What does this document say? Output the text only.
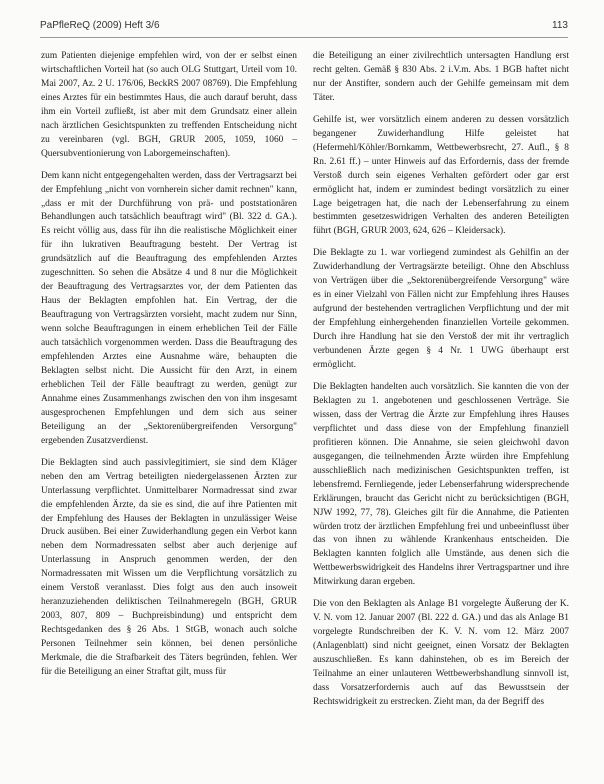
PaPfleReQ (2009) Heft 3/6	113

zum Patienten diejenige empfehlen wird, von der er selbst einen wirtschaftlichen Vorteil hat (so auch OLG Stuttgart, Urteil vom 10. Mai 2007, Az. 2 U. 176/06, BeckRS 2007 08769). Die Empfehlung eines Arztes für ein bestimmtes Haus, die auch darauf beruht, dass ihm ein Vorteil zufließt, ist aber mit dem Grundsatz einer allein nach ärztlichen Gesichtspunkten zu treffenden Entscheidung nicht zu vereinbaren (vgl. BGH, GRUR 2005, 1059, 1060 – Quersubventionierung von Laborgemeinschaften).

Dem kann nicht entgegengehalten werden, dass der Vertragsarzt bei der Empfehlung „nicht von vornherein sicher damit rechnen" kann, „dass er mit der Durchführung von prä- und poststationären Behandlungen auch tatsächlich beauftragt wird" (Bl. 322 d. GA.). Es reicht völlig aus, dass für ihn die realistische Möglichkeit einer für ihn lukrativen Beauftragung besteht. Der Vertrag ist grundsätzlich auf die Beauftragung des empfehlenden Arztes zugeschnitten. So sehen die Absätze 4 und 8 nur die Möglichkeit der Beauftragung des Vertragsarztes vor, der dem Patienten das Haus der Beklagten empfohlen hat. Ein Vertrag, der die Beauftragung von Vertragsärzten vorsieht, macht zudem nur Sinn, wenn solche Beauftragungen in einem erheblichen Teil der Fälle auch tatsächlich vorgenommen werden. Dass die Beauftragung des empfehlenden Arztes eine Ausnahme wäre, behaupten die Beklagten selbst nicht. Die Aussicht für den Arzt, in einem erheblichen Teil der Fälle beauftragt zu werden, genügt zur Annahme eines Zusammenhangs zwischen den von ihm insgesamt ausgesprochenen Empfehlungen und dem sich aus seiner Beteiligung an der „Sektorenübergreifenden Versorgung" ergebenden Zusatzverdienst.

Die Beklagten sind auch passivlegitimiert, sie sind dem Kläger neben den am Vertrag beteiligten niedergelassenen Ärzten zur Unterlassung verpflichtet. Unmittelbarer Normadressat sind zwar die empfehlenden Ärzte, da sie es sind, die auf ihre Patienten mit der Empfehlung des Hauses der Beklagten in unzulässiger Weise Druck ausüben. Bei einer Zuwiderhandlung gegen ein Verbot kann neben dem Normadressaten selbst aber auch derjenige auf Unterlassung in Anspruch genommen werden, der den Normadressaten mit Wissen um die Verpflichtung vorsätzlich zu einem Verstoß veranlasst. Dies folgt aus den auch insoweit heranzuziehenden deliktischen Teilnahmeregeln (BGH, GRUR 2003, 807, 809 – Buchpreisbindung) und entspricht dem Rechtsgedanken des § 26 Abs. 1 StGB, wonach auch solche Personen Teilnehmer sein können, bei denen persönliche Merkmale, die die Strafbarkeit des Täters begründen, fehlen. Wer für die Beteiligung an einer Straftat gilt, muss für

die Beteiligung an einer zivilrechtlich untersagten Handlung erst recht gelten. Gemäß § 830 Abs. 2 i.V.m. Abs. 1 BGB haftet nicht nur der Anstifter, sondern auch der Gehilfe gemeinsam mit dem Täter.

Gehilfe ist, wer vorsätzlich einem anderen zu dessen vorsätzlich begangener Zuwiderhandlung Hilfe geleistet hat (Hefermehl/Köhler/Bornkamm, Wettbewerbsrecht, 27. Aufl., § 8 Rn. 2.61 ff.) – unter Hinweis auf das Erfordernis, dass der fremde Verstoß durch sein eigenes Verhalten gefördert oder gar erst ermöglicht hat, indem er zumindest bedingt vorsätzlich zu einer Lage beigetragen hat, die nach der Lebenserfahrung zu einem bestimmten gesetzeswidrigen Verhalten des anderen Beteiligten führt (BGH, GRUR 2003, 624, 626 – Kleidersack).

Die Beklagte zu 1. war vorliegend zumindest als Gehilfin an der Zuwiderhandlung der Vertragsärzte beteiligt. Ohne den Abschluss von Verträgen über die „Sektorenübergreifende Versorgung" wäre es in einer Vielzahl von Fällen nicht zur Empfehlung ihres Hauses aufgrund der bestehenden vertraglichen Verpflichtung und der mit der Empfehlung einhergehenden finanziellen Vorteile gekommen. Durch ihre Handlung hat sie den Verstoß der mit ihr vertraglich verbundenen Ärzte gegen § 4 Nr. 1 UWG überhaupt erst ermöglicht.

Die Beklagten handelten auch vorsätzlich. Sie kannten die von der Beklagten zu 1. angebotenen und geschlossenen Verträge. Sie wissen, dass der Vertrag die Ärzte zur Empfehlung ihres Hauses verpflichtet und dass diese von der Empfehlung finanziell profitieren können. Die Annahme, sie seien gleichwohl davon ausgegangen, die teilnehmenden Ärzte würden ihre Empfehlung ausschließlich nach medizinischen Gesichtspunkten treffen, ist lebensfremd. Fernliegende, jeder Lebenserfahrung widersprechende Erklärungen, braucht das Gericht nicht zu berücksichtigen (BGH, NJW 1992, 77, 78). Gleiches gilt für die Annahme, die Patienten würden trotz der ärztlichen Empfehlung frei und unbeeinflusst über das von ihnen zu wählende Krankenhaus entscheiden. Die Beklagten kannten folglich alle Umstände, aus denen sich die Wettbewerbswidrigkeit des Handelns ihrer Vertragspartner und ihre Mitwirkung daran ergeben.

Die von den Beklagten als Anlage B1 vorgelegte Äußerung der K. V. N. vom 12. Januar 2007 (Bl. 222 d. GA.) und das als Anlage B1 vorgelegte Rundschreiben der K. V. N. vom 12. März 2007 (Anlagenblatt) sind nicht geeignet, einen Vorsatz der Beklagten auszuschließen. Es kann dahinstehen, ob es im Bereich der Teilnahme an einer unlauteren Wettbewerbshandlung sinnvoll ist, dass Vorsatzerfordernis auch auf das Bewusstsein der Rechtswidrigkeit zu erstrecken. Zieht man, da der Begriff des
